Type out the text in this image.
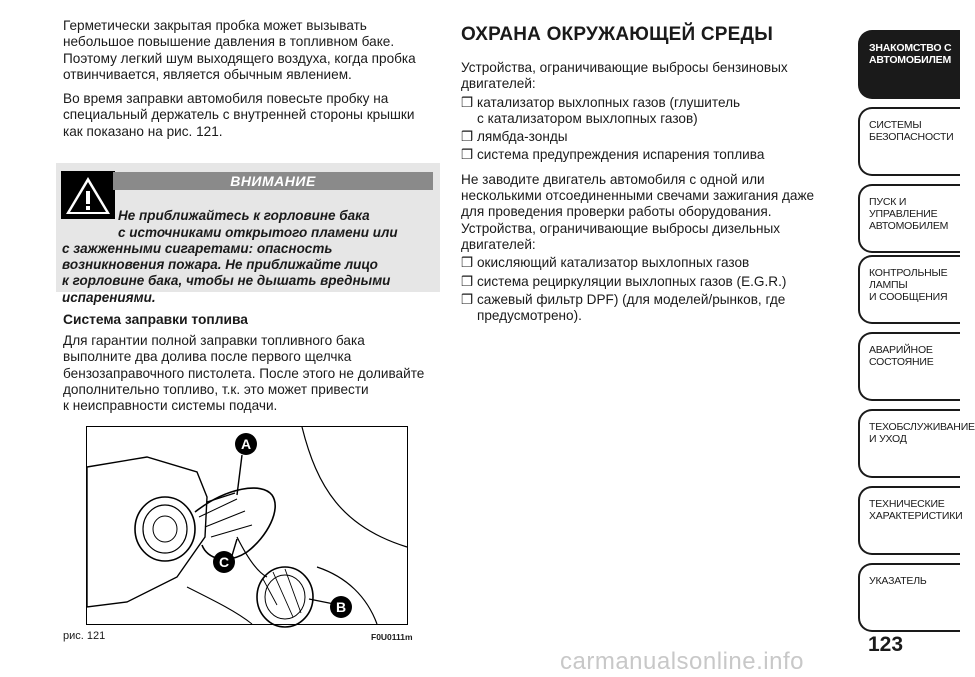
Герметически закрытая пробка может вызывать
небольшое повышение давления в топливном баке.
Поэтому легкий шум выходящего воздуха, когда пробка
отвинчивается, является обычным явлением.

Во время заправки автомобиля повесьте пробку на
специальный держатель с внутренней стороны крышки
как показано на рис. 121.

ВНИМАНИЕ

Не приближайтесь к горловине бака
с источниками открытого пламени или
с зажженными сигаретами: опасность
возникновения пожара. Не приближайте лицо
к горловине бака, чтобы не дышать вредными
испарениями.

Система заправки топлива

Для гарантии полной заправки топливного бака
выполните два долива после первого щелчка
бензозаправочного пистолета. После этого не доливайте
дополнительно топливо, т.к. это может привести
к неисправности системы подачи.

A
C
B
рис. 121	F0U0111m
ОХРАНА ОКРУЖАЮЩЕЙ СРЕДЫ

Устройства, ограничивающие выбросы бензиновых
двигателей:

❒ катализатор выхлопных газов (глушитель
с катализатором выхлопных газов)
❒ лямбда-зонды
❒ система предупреждения испарения топлива

Не заводите двигатель автомобиля с одной или
несколькими отсоединенными свечами зажигания даже
для проведения проверки работы оборудования.
Устройства, ограничивающие выбросы дизельных
двигателей:

❒ окисляющий катализатор выхлопных газов
❒ система рециркуляции выхлопных газов (E.G.R.)
❒ сажевый фильтр DPF) (для моделей/рынков, где
предусмотрено).
ЗНАКОМСТВО С
АВТОМОБИЛЕМ
СИСТЕМЫ
БЕЗОПАСНОСТИ
ПУСК И УПРАВЛЕНИЕ
АВТОМОБИЛЕМ
КОНТРОЛЬНЫЕ
ЛАМПЫ
И СООБЩЕНИЯ
АВАРИЙНОЕ
СОСТОЯНИЕ
ТЕХОБСЛУЖИВАНИЕ
И УХОД
ТЕХНИЧЕСКИЕ
ХАРАКТЕРИСТИКИ
УКАЗАТЕЛЬ
123
carmanualsonline.info
